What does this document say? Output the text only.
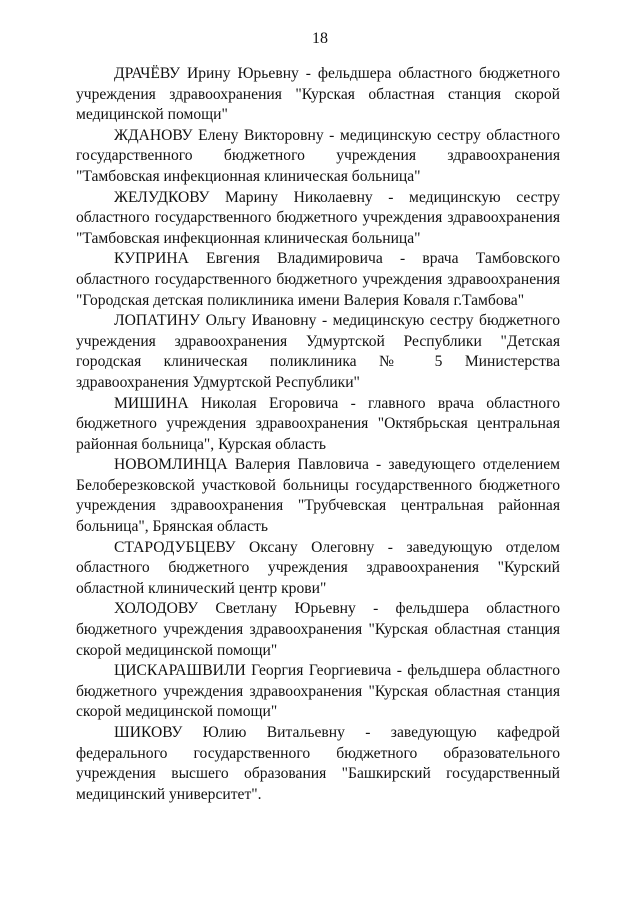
18

ДРАЧЁВУ Ирину Юрьевну - фельдшера областного бюджетного учреждения здравоохранения "Курская областная станция скорой медицинской помощи"

ЖДАНОВУ Елену Викторовну - медицинскую сестру областного государственного бюджетного учреждения здравоохранения "Тамбовская инфекционная клиническая больница"

ЖЕЛУДКОВУ Марину Николаевну - медицинскую сестру областного государственного бюджетного учреждения здравоохранения "Тамбовская инфекционная клиническая больница"

КУПРИНА Евгения Владимировича - врача Тамбовского областного государственного бюджетного учреждения здравоохранения "Городская детская поликлиника имени Валерия Коваля г.Тамбова"

ЛОПАТИНУ Ольгу Ивановну - медицинскую сестру бюджетного учреждения здравоохранения Удмуртской Республики "Детская городская клиническая поликлиника № 5 Министерства здравоохранения Удмуртской Республики"

МИШИНА Николая Егоровича - главного врача областного бюджетного учреждения здравоохранения "Октябрьская центральная районная больница", Курская область

НОВОМЛИНЦА Валерия Павловича - заведующего отделением Белоберезковской участковой больницы государственного бюджетного учреждения здравоохранения "Трубчевская центральная районная больница", Брянская область

СТАРОДУБЦЕВУ Оксану Олеговну - заведующую отделом областного бюджетного учреждения здравоохранения "Курский областной клинический центр крови"

ХОЛОДОВУ Светлану Юрьевну - фельдшера областного бюджетного учреждения здравоохранения "Курская областная станция скорой медицинской помощи"

ЦИСКАРАШВИЛИ Георгия Георгиевича - фельдшера областного бюджетного учреждения здравоохранения "Курская областная станция скорой медицинской помощи"

ШИКОВУ Юлию Витальевну - заведующую кафедрой федерального государственного бюджетного образовательного учреждения высшего образования "Башкирский государственный медицинский университет".
